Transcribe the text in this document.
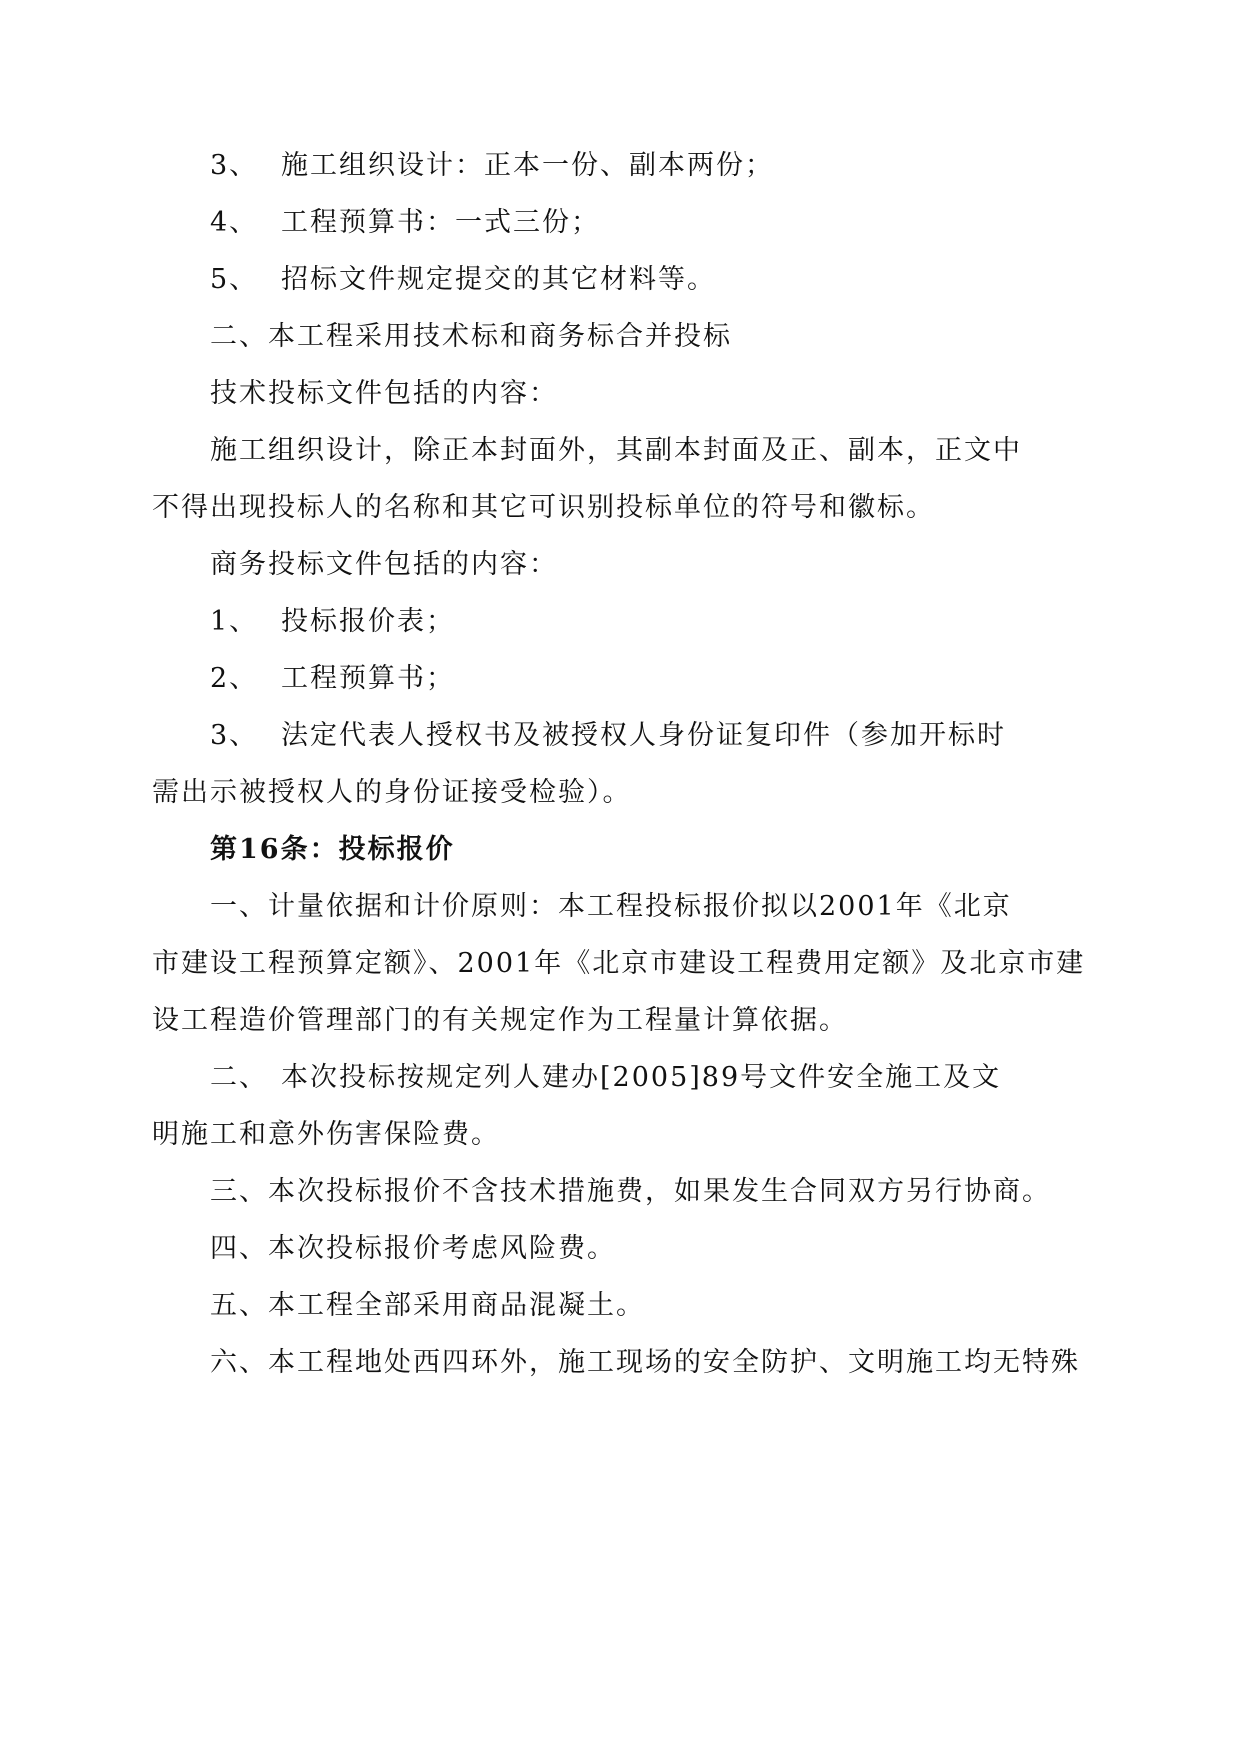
3、 施工组织设计：正本一份、副本两份；
4、 工程预算书：一式三份；
5、 招标文件规定提交的其它材料等。
二、本工程采用技术标和商务标合并投标
技术投标文件包括的内容：
施工组织设计，除正本封面外，其副本封面及正、副本，正文中
不得出现投标人的名称和其它可识别投标单位的符号和徽标。
商务投标文件包括的内容：
1、 投标报价表；
2、 工程预算书；
3、 法定代表人授权书及被授权人身份证复印件（参加开标时
需出示被授权人的身份证接受检验）。
第16条：投标报价
一、计量依据和计价原则：本工程投标报价拟以2001年《北京
市建设工程预算定额》、2001年《北京市建设工程费用定额》及北京市建
设工程造价管理部门的有关规定作为工程量计算依据。
二、 本次投标按规定列人建办[2005]89号文件安全施工及文
明施工和意外伤害保险费。
三、本次投标报价不含技术措施费，如果发生合同双方另行协商。
四、本次投标报价考虑风险费。
五、本工程全部采用商品混凝土。
六、本工程地处西四环外，施工现场的安全防护、文明施工均无特殊
